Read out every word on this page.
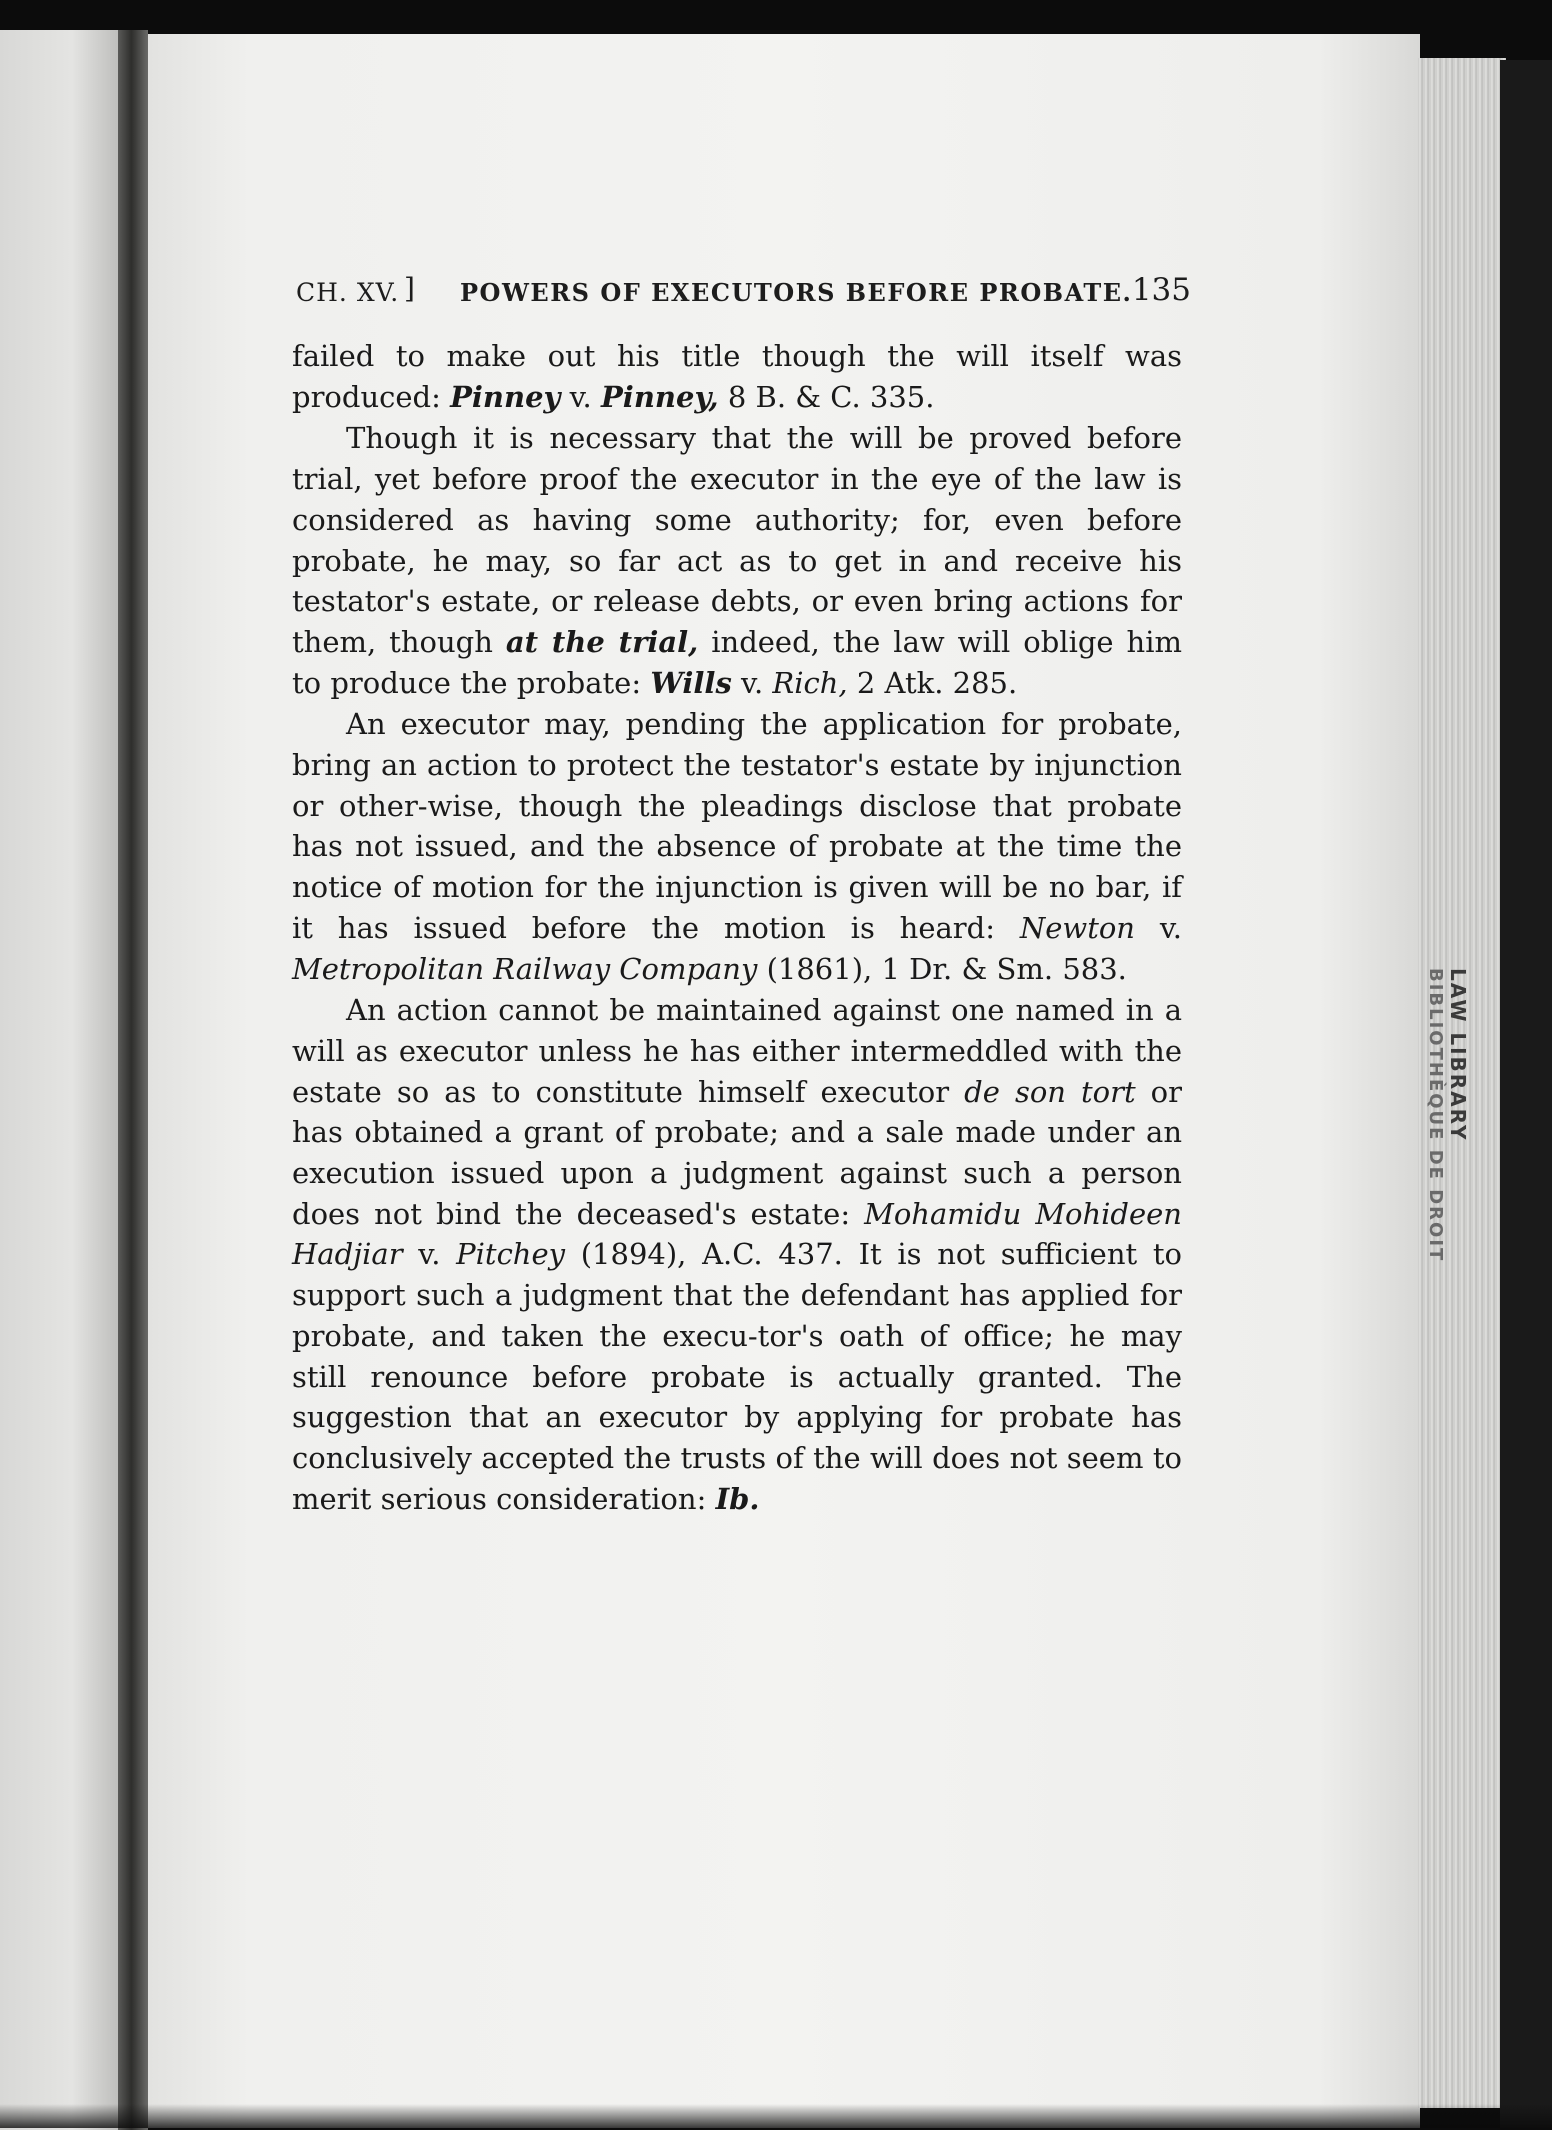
CH. XV. ] POWERS OF EXECUTORS BEFORE PROBATE. 135

failed to make out his title though the will itself was produced: Pinney v. Pinney, 8 B. & C. 335.

Though it is necessary that the will be proved before trial, yet before proof the executor in the eye of the law is considered as having some authority; for, even before probate, he may, so far act as to get in and receive his testator's estate, or release debts, or even bring actions for them, though at the trial, indeed, the law will oblige him to produce the probate: Wills v. Rich, 2 Atk. 285.

An executor may, pending the application for probate, bring an action to protect the testator's estate by injunction or other-wise, though the pleadings disclose that probate has not issued, and the absence of probate at the time the notice of motion for the injunction is given will be no bar, if it has issued before the motion is heard: Newton v. Metropolitan Railway Company (1861), 1 Dr. & Sm. 583.

An action cannot be maintained against one named in a will as executor unless he has either intermeddled with the estate so as to constitute himself executor de son tort or has obtained a grant of probate; and a sale made under an execution issued upon a judgment against such a person does not bind the deceased's estate: Mohamidu Mohideen Hadjiar v. Pitchey (1894), A.C. 437. It is not sufficient to support such a judgment that the defendant has applied for probate, and taken the execu-tor's oath of office; he may still renounce before probate is actually granted. The suggestion that an executor by applying for probate has conclusively accepted the trusts of the will does not seem to merit serious consideration: Ib.

LAW LIBRARY
BIBLIOTHÈQUE DE DROIT
